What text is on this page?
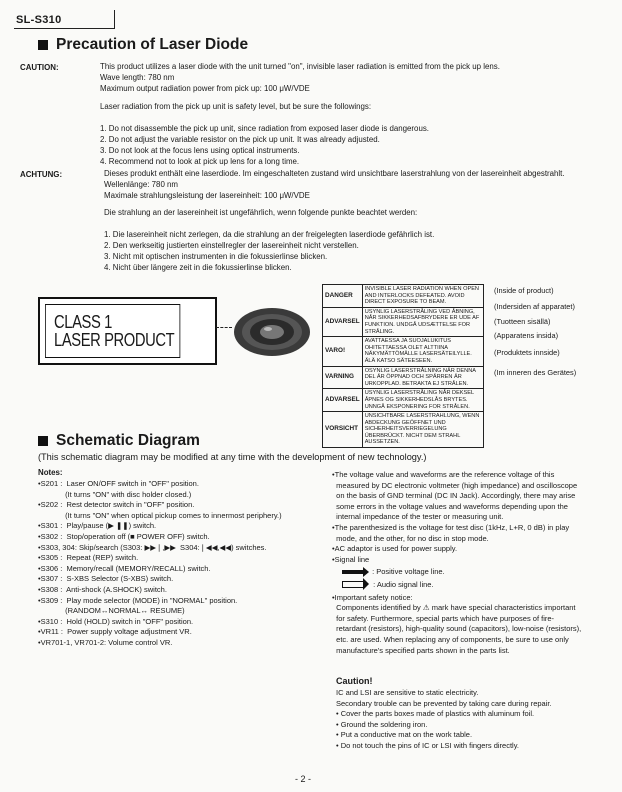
SL-S310
Precaution of Laser Diode
CAUTION:	This product utilizes a laser diode with the unit turned "on", invisible laser radiation is emitted from the pick up lens.
Wave length: 780 nm
Maximum output radiation power from pick up: 100 μW/VDE
Laser radiation from the pick up unit is safety level, but be sure the followings:
1. Do not disassemble the pick up unit, since radiation from exposed laser diode is dangerous.
2. Do not adjust the variable resistor on the pick up unit. It was already adjusted.
3. Do not look at the focus lens using optical instruments.
4. Recommend not to look at pick up lens for a long time.
ACHTUNG:	Dieses produkt enthält eine laserdiode. Im eingeschalteten zustand wird unsichtbare laserstrahlung von der lasereinheit abgestrahlt.
Wellenlänge: 780 nm
Maximale strahlungsleistung der lasereinheit: 100 μW/VDE
Die strahlung an der lasereinheit ist ungefährlich, wenn folgende punkte beachtet werden:
1. Die lasereinheit nicht zerlegen, da die strahlung an der freigelegten laserdiode gefährlich ist.
2. Den werkseitig justierten einstellregler der lasereinheit nicht verstellen.
3. Nicht mit optischen instrumenten in die fokussierlinse blicken.
4. Nicht über längere zeit in die fokussierlinse blicken.
CLASS 1
LASER PRODUCT
DANGER	INVISIBLE LASER RADIATION WHEN OPEN AND INTERLOCKS DEFEATED. AVOID DIRECT EXPOSURE TO BEAM.
ADVARSEL	USYNLIG LASERSTRÅLING VED ÅBNING, NÅR SIKKERHEDSAFBRYDERE ER UDE AF FUNKTION. UNDGÅ UDSÆTTELSE FOR STRÅLING.
VARO!	AVATTAESSA JA SUOJALUKITUS OHITETTAESSA OLET ALTTIINA NÄKYMÄTTÖMÄLLE LASERSÄTEILYLLE. ÄLÄ KATSO SÄTEESEEN.
VARNING	OSYNLIG LASERSTRÅLNING NÄR DENNA DEL ÄR ÖPPNAD OCH SPÄRREN ÄR URKOPPLAD. BETRAKTA EJ STRÅLEN.
ADVARSEL	USYNLIG LASERSTRÅLING NÅR DEKSEL ÅPNES OG SIKKERHEDSLÅS BRYTES. UNNGÅ EKSPONERING FOR STRÅLEN.
VORSICHT	UNSICHTBARE LASERSTRAHLUNG, WENN ABDECKUNG GEÖFFNET UND SICHERHEITSVERRIEGELUNG ÜBERBRÜCKT. NICHT DEM STRAHL AUSSETZEN.
(Inside of product)
(Indersiden af apparatet)
(Tuotteen sisällä)
(Apparatens insida)
(Produktets innside)
(Im inneren des Gerätes)
Schematic Diagram
(This schematic diagram may be modified at any time with the development of new technology.)
Notes:
•S201 :  Laser ON/OFF switch in "OFF" position.
(It turns "ON" with disc holder closed.)
•S202 :  Rest detector switch in "OFF" position.
(It turns "ON" when optical pickup comes to innermost periphery.)
•S301 :  Play/pause (▶ ❚❚) switch.
•S302 :  Stop/operation off (■ POWER OFF) switch.
•S303, 304: Skip/search (S303: ▶▶❘,▶▶  S304:❘◀◀,◀◀) switches.
•S305 :  Repeat (REP) switch.
•S306 :  Memory/recall (MEMORY/RECALL) switch.
•S307 :  S-XBS Selector (S-XBS) switch.
•S308 :  Anti-shock (A.SHOCK) switch.
•S309 :  Play mode selector (MODE) in "NORMAL" position.
(RANDOM↔NORMAL↔ RESUME)
•S310 :  Hold (HOLD) switch in "OFF" position.
•VR11 :  Power supply voltage adjustment VR.
•VR701-1, VR701-2: Volume control VR.
•The voltage value and waveforms are the reference voltage of this
measured by DC electronic voltmeter (high impedance) and oscilloscope
on the basis of GND terminal (DC IN Jack). Accordingly, there may arise
some errors in the voltage values and waveforms depending upon the
internal impedance of the tester or measuring unit.
•The parenthesized is the voltage for test disc (1kHz, L+R, 0 dB) in play
mode, and the other, for no disc in stop mode.
•AC adaptor is used for power supply.
•Signal line
: Positive voltage line.
: Audio signal line.
•Important safety notice:
Components identified by ⚠ mark have special characteristics important
for safety. Furthermore, special parts which have purposes of fire-
retardant (resistors), high-quality sound (capacitors), low-noise (resistors),
etc. are used. When replacing any of components, be sure to use only
manufacture's specified parts shown in the parts list.
Caution!
IC and LSI are sensitive to static electricity.
Secondary trouble can be prevented by taking care during repair.
• Cover the parts boxes made of plastics with aluminum foil.
• Ground the soldering iron.
• Put a conductive mat on the work table.
• Do not touch the pins of IC or LSI with fingers directly.
- 2 -
